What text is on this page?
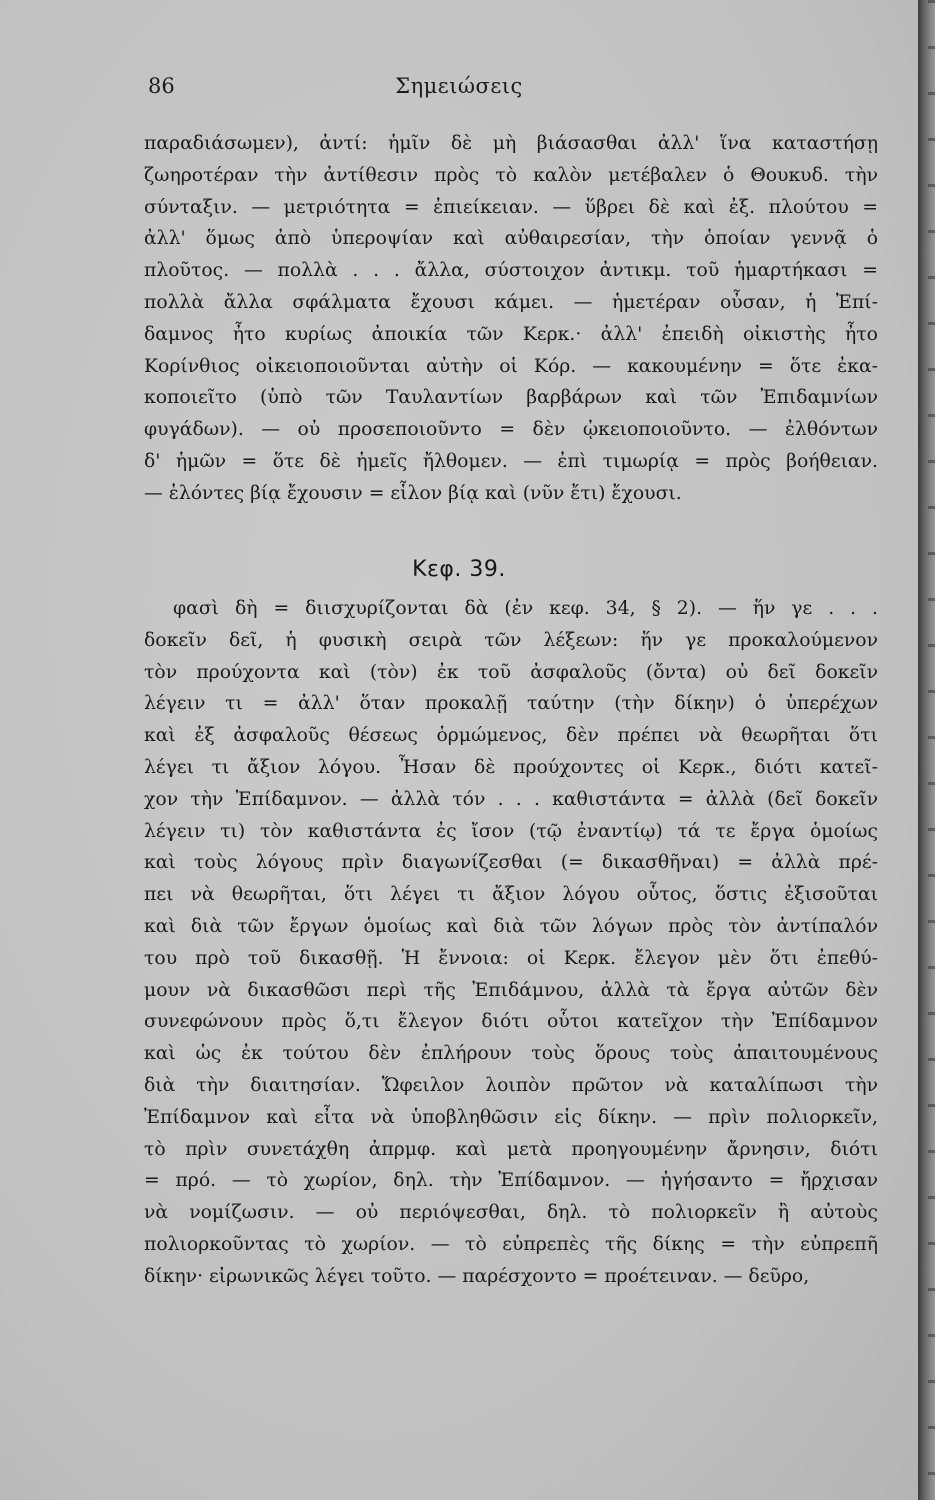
86	Σημειώσεις
παραδιάσωμεν), ἀντί: ἡμῖν δὲ μὴ βιάσασθαι ἀλλ' ἵνα καταστήσῃ
ζωηροτέραν τὴν ἀντίθεσιν πρὸς τὸ καλὸν μετέβαλεν ὁ Θουκυδ. τὴν
σύνταξιν. — μετριότητα = ἐπιείκειαν. — ὕβρει δὲ καὶ ἐξ. πλούτου =
ἀλλ' ὅμως ἀπὸ ὑπεροψίαν καὶ αὐθαιρεσίαν, τὴν ὁποίαν γεννᾷ ὁ
πλοῦτος. — πολλὰ . . . ἄλλα, σύστοιχον ἀντικμ. τοῦ ἡμαρτήκασι =
πολλὰ ἄλλα σφάλματα ἔχουσι κάμει. — ἡμετέραν οὖσαν, ἡ Ἐπί-
δαμνος ἦτο κυρίως ἀποικία τῶν Κερκ.· ἀλλ' ἐπειδὴ οἰκιστὴς ἦτο
Κορίνθιος οἰκειοποιοῦνται αὐτὴν οἱ Κόρ. — κακουμένην = ὅτε ἐκα-
κοποιεῖτο (ὑπὸ τῶν Ταυλαντίων βαρβάρων καὶ τῶν Ἐπιδαμνίων
φυγάδων). — οὐ προσεποιοῦντο = δὲν ᾠκειοποιοῦντο. — ἐλθόντων
δ' ἡμῶν = ὅτε δὲ ἡμεῖς ἤλθομεν. — ἐπὶ τιμωρίᾳ = πρὸς βοήθειαν.
— ἑλόντες βίᾳ ἔχουσιν = εἷλον βίᾳ καὶ (νῦν ἔτι) ἔχουσι.
Κεφ. 39.
φασὶ δὴ = διισχυρίζονται δὰ (ἐν κεφ. 34, § 2). — ἥν γε . . .
δοκεῖν δεῖ, ἡ φυσικὴ σειρὰ τῶν λέξεων: ἥν γε προκαλούμενον
τὸν προύχοντα καὶ (τὸν) ἐκ τοῦ ἀσφαλοῦς (ὄντα) οὐ δεῖ δοκεῖν
λέγειν τι = ἀλλ' ὅταν προκαλῇ ταύτην (τὴν δίκην) ὁ ὑπερέχων
καὶ ἐξ ἀσφαλοῦς θέσεως ὁρμώμενος, δὲν πρέπει νὰ θεωρῆται ὅτι
λέγει τι ἄξιον λόγου. Ἦσαν δὲ προύχοντες οἱ Κερκ., διότι κατεῖ-
χον τὴν Ἐπίδαμνον. — ἀλλὰ τόν . . . καθιστάντα = ἀλλὰ (δεῖ δοκεῖν
λέγειν τι) τὸν καθιστάντα ἐς ἴσον (τῷ ἐναντίῳ) τά τε ἔργα ὁμοίως
καὶ τοὺς λόγους πρὶν διαγωνίζεσθαι (= δικασθῆναι) = ἀλλὰ πρέ-
πει νὰ θεωρῆται, ὅτι λέγει τι ἄξιον λόγου οὗτος, ὅστις ἐξισοῦται
καὶ διὰ τῶν ἔργων ὁμοίως καὶ διὰ τῶν λόγων πρὸς τὸν ἀντίπαλόν
του πρὸ τοῦ δικασθῇ. Ἡ ἔννοια: οἱ Κερκ. ἔλεγον μὲν ὅτι ἐπεθύ-
μουν νὰ δικασθῶσι περὶ τῆς Ἐπιδάμνου, ἀλλὰ τὰ ἔργα αὐτῶν δὲν
συνεφώνουν πρὸς ὅ,τι ἔλεγον διότι οὗτοι κατεῖχον τὴν Ἐπίδαμνον
καὶ ὡς ἐκ τούτου δὲν ἐπλήρουν τοὺς ὅρους τοὺς ἀπαιτουμένους
διὰ τὴν διαιτησίαν. Ὤφειλον λοιπὸν πρῶτον νὰ καταλίπωσι τὴν
Ἐπίδαμνον καὶ εἶτα νὰ ὑποβληθῶσιν εἰς δίκην. — πρὶν πολιορκεῖν,
τὸ πρὶν συνετάχθη ἀπρμφ. καὶ μετὰ προηγουμένην ἄρνησιν, διότι
= πρό. — τὸ χωρίον, δηλ. τὴν Ἐπίδαμνον. — ἡγήσαντο = ἤρχισαν
νὰ νομίζωσιν. — οὐ περιόψεσθαι, δηλ. τὸ πολιορκεῖν ἢ αὐτοὺς
πολιορκοῦντας τὸ χωρίον. — τὸ εὐπρεπὲς τῆς δίκης = τὴν εὐπρεπῆ
δίκην· εἰρωνικῶς λέγει τοῦτο. — παρέσχοντο = προέτειναν. — δεῦρο,
